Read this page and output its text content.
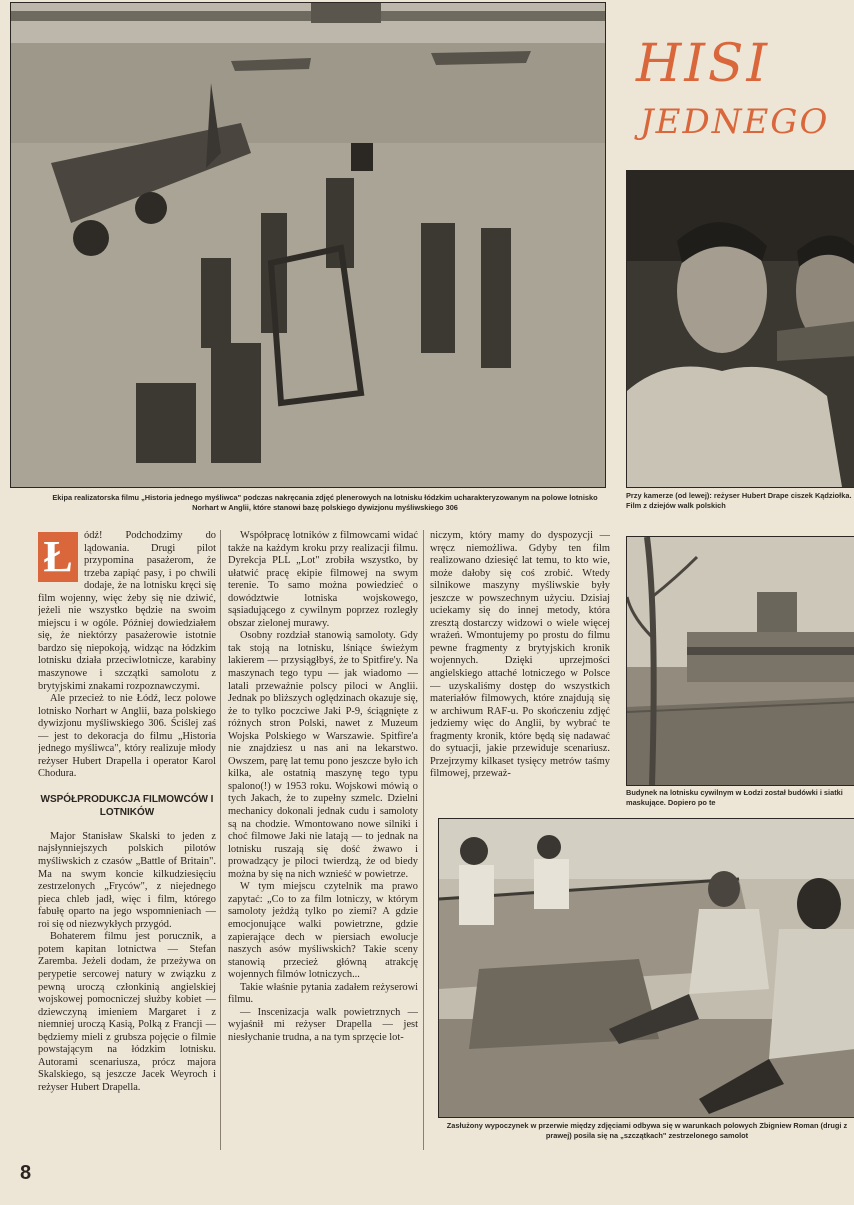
HISI
JEDNEGO

Ekipa realizatorska filmu „Historia jednego myśliwca" podczas nakręcania zdjęć plenerowych na lotnisku łódzkim ucharakteryzowanym na polowe lotnisko Norhart w Anglii, które stanowi bazę polskiego dywizjonu myśliwskiego 306

Przy kamerze (od lewej): reżyser Hubert Drape ciszek Kądziołka. Film z dziejów walk polskich

Budynek na lotnisku cywilnym w Łodzi został budówki i siatki maskujące. Dopiero po te

Zasłużony wypoczynek w przerwie między zdjęciami odbywa się w warunkach polowych Zbigniew Roman (drugi z prawej) posila się na „szczątkach" zestrzelonego samolot

Ł	ódź! Podchodzimy do lądowania. Drugi pilot przypomina pasażerom, że trzeba zapiąć pasy, i po chwili dodaje, że na lotnisku kręci się film wojenny, więc żeby się nie dziwić, jeżeli nie wszystko będzie na swoim miejscu i w ogóle. Później dowiedziałem się, że niektórzy pasażerowie istotnie bardzo się niepokoją, widząc na łódzkim lotnisku działa przeciwlotnicze, karabiny maszynowe i szczątki samolotu z brytyjskimi znakami rozpoznawczymi.

Ale przecież to nie Łódź, lecz polowe lotnisko Norhart w Anglii, baza polskiego dywizjonu myśliwskiego 306. Ściślej zaś — jest to dekoracja do filmu „Historia jednego myśliwca", który realizuje młody reżyser Hubert Drapella i operator Karol Chodura.

WSPÓŁPRODUKCJA FILMOWCÓW I LOTNIKÓW

Major Stanisław Skalski to jeden z najsłynniejszych polskich pilotów myśliwskich z czasów „Battle of Britain". Ma na swym koncie kilkudziesięciu zestrzelonych „Fryców", z niejednego pieca chleb jadł, więc i film, którego fabułę oparto na jego wspomnieniach — roi się od niezwykłych przygód.

Bohaterem filmu jest porucznik, a potem kapitan lotnictwa — Stefan Zaremba. Jeżeli dodam, że przeżywa on perypetie sercowej natury w związku z pewną uroczą członkinią angielskiej wojskowej pomocniczej służby kobiet — dziewczyną imieniem Margaret i z niemniej uroczą Kasią, Polką z Francji — będziemy mieli z grubsza pojęcie o filmie powstającym na łódzkim lotnisku. Autorami scenariusza, prócz majora Skalskiego, są jeszcze Jacek Weyroch i reżyser Hubert Drapella.

Współpracę lotników z filmowcami widać także na każdym kroku przy realizacji filmu. Dyrekcja PLL „Lot" zrobiła wszystko, by ułatwić pracę ekipie filmowej na swym terenie. To samo można powiedzieć o dowództwie lotniska wojskowego, sąsiadującego z cywilnym poprzez rozległy obszar zielonej murawy.

Osobny rozdział stanowią samoloty. Gdy tak stoją na lotnisku, lśniące świeżym lakierem — przysiągłbyś, że to Spitfire'y. Na maszynach tego typu — jak wiadomo — latali przeważnie polscy piloci w Anglii. Jednak po bliższych oględzinach okazuje się, że to tylko poczciwe Jaki P-9, ściągnięte z różnych stron Polski, nawet z Muzeum Wojska Polskiego w Warszawie. Spitfire'a nie znajdziesz u nas ani na lekarstwo. Owszem, parę lat temu pono jeszcze było ich kilka, ale ostatnią maszynę tego typu spalono(!) w 1953 roku. Wojskowi mówią o tych Jakach, że to zupełny szmelc. Dzielni mechanicy dokonali jednak cudu i samoloty są na chodzie. Wmontowano nowe silniki i choć filmowe Jaki nie latają — to jednak na lotnisku ruszają się dość żwawo i prowadzący je piloci twierdzą, że od biedy można by się na nich wznieść w powietrze.

W tym miejscu czytelnik ma prawo zapytać: „Co to za film lotniczy, w którym samoloty jeżdżą tylko po ziemi? A gdzie emocjonujące walki powietrzne, gdzie zapierające dech w piersiach ewolucje naszych asów myśliwskich? Takie sceny stanowią przecież główną atrakcję wojennych filmów lotniczych...

Takie właśnie pytania zadałem reżyserowi filmu.

— Inscenizacja walk powietrznych — wyjaśnił mi reżyser Drapella — jest niesłychanie trudna, a na tym sprzęcie lot-

niczym, który mamy do dyspozycji — wręcz niemożliwa. Gdyby ten film realizowano dziesięć lat temu, to kto wie, może dałoby się coś zrobić. Wtedy silnikowe maszyny myśliwskie były jeszcze w powszechnym użyciu. Dzisiaj uciekamy się do innej metody, która zresztą dostarczy widzowi o wiele więcej wrażeń. Wmontujemy po prostu do filmu pewne fragmenty z brytyjskich kronik wojennych. Dzięki uprzejmości angielskiego attaché lotniczego w Polsce — uzyskaliśmy dostęp do wszystkich materiałów filmowych, które znajdują się w archiwum RAF-u. Po skończeniu zdjęć jedziemy więc do Anglii, by wybrać te fragmenty kronik, które będą się nadawać do sytuacji, jakie przewiduje scenariusz. Przejrzymy kilkaset tysięcy metrów taśmy filmowej, przeważ-

8
